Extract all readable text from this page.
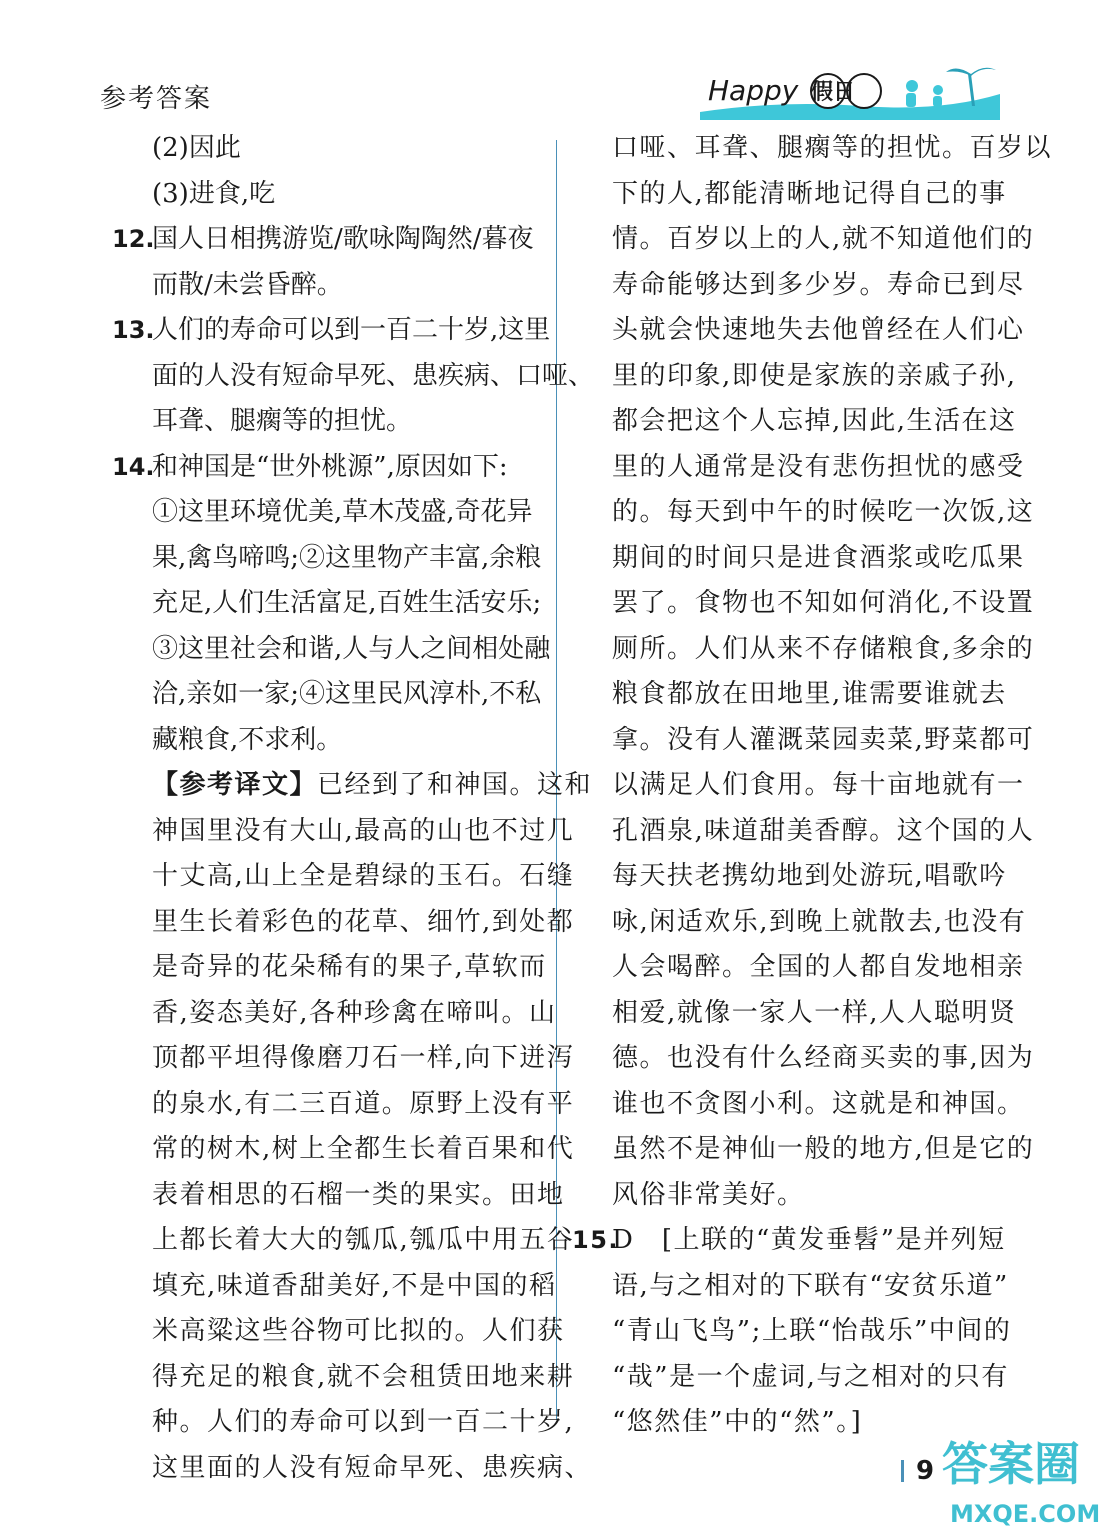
参考答案	Happy 假日
(2)因此
(3)进食,吃
12.国人日相携游览/歌咏陶陶然/暮夜
而散/未尝昏醉。
13.人们的寿命可以到一百二十岁,这里
面的人没有短命早死、患疾病、口哑、
耳聋、腿瘸等的担忧。
14.和神国是“世外桃源”,原因如下:
①这里环境优美,草木茂盛,奇花异
果,禽鸟啼鸣;②这里物产丰富,余粮
充足,人们生活富足,百姓生活安乐;
③这里社会和谐,人与人之间相处融
洽,亲如一家;④这里民风淳朴,不私
藏粮食,不求利。
【参考译文】已经到了和神国。这和
神国里没有大山,最高的山也不过几
十丈高,山上全是碧绿的玉石。石缝
里生长着彩色的花草、细竹,到处都
是奇异的花朵稀有的果子,草软而
香,姿态美好,各种珍禽在啼叫。山
顶都平坦得像磨刀石一样,向下迸泻
的泉水,有二三百道。原野上没有平
常的树木,树上全都生长着百果和代
表着相思的石榴一类的果实。田地
上都长着大大的瓠瓜,瓠瓜中用五谷
填充,味道香甜美好,不是中国的稻
米高粱这些谷物可比拟的。人们获
得充足的粮食,就不会租赁田地来耕
种。人们的寿命可以到一百二十岁,
这里面的人没有短命早死、患疾病、
口哑、耳聋、腿瘸等的担忧。百岁以
下的人,都能清晰地记得自己的事
情。百岁以上的人,就不知道他们的
寿命能够达到多少岁。寿命已到尽
头就会快速地失去他曾经在人们心
里的印象,即使是家族的亲戚子孙,
都会把这个人忘掉,因此,生活在这
里的人通常是没有悲伤担忧的感受
的。每天到中午的时候吃一次饭,这
期间的时间只是进食酒浆或吃瓜果
罢了。食物也不知如何消化,不设置
厕所。人们从来不存储粮食,多余的
粮食都放在田地里,谁需要谁就去
拿。没有人灌溉菜园卖菜,野菜都可
以满足人们食用。每十亩地就有一
孔酒泉,味道甜美香醇。这个国的人
每天扶老携幼地到处游玩,唱歌吟
咏,闲适欢乐,到晚上就散去,也没有
人会喝醉。全国的人都自发地相亲
相爱,就像一家人一样,人人聪明贤
德。也没有什么经商买卖的事,因为
谁也不贪图小利。这就是和神国。
虽然不是神仙一般的地方,但是它的
风俗非常美好。
15.D　[上联的“黄发垂髫”是并列短
语,与之相对的下联有“安贫乐道”
“青山飞鸟”;上联“怡哉乐”中间的
“哉”是一个虚词,与之相对的只有
“悠然佳”中的“然”。]
9 答案圈
MXQE.COM
